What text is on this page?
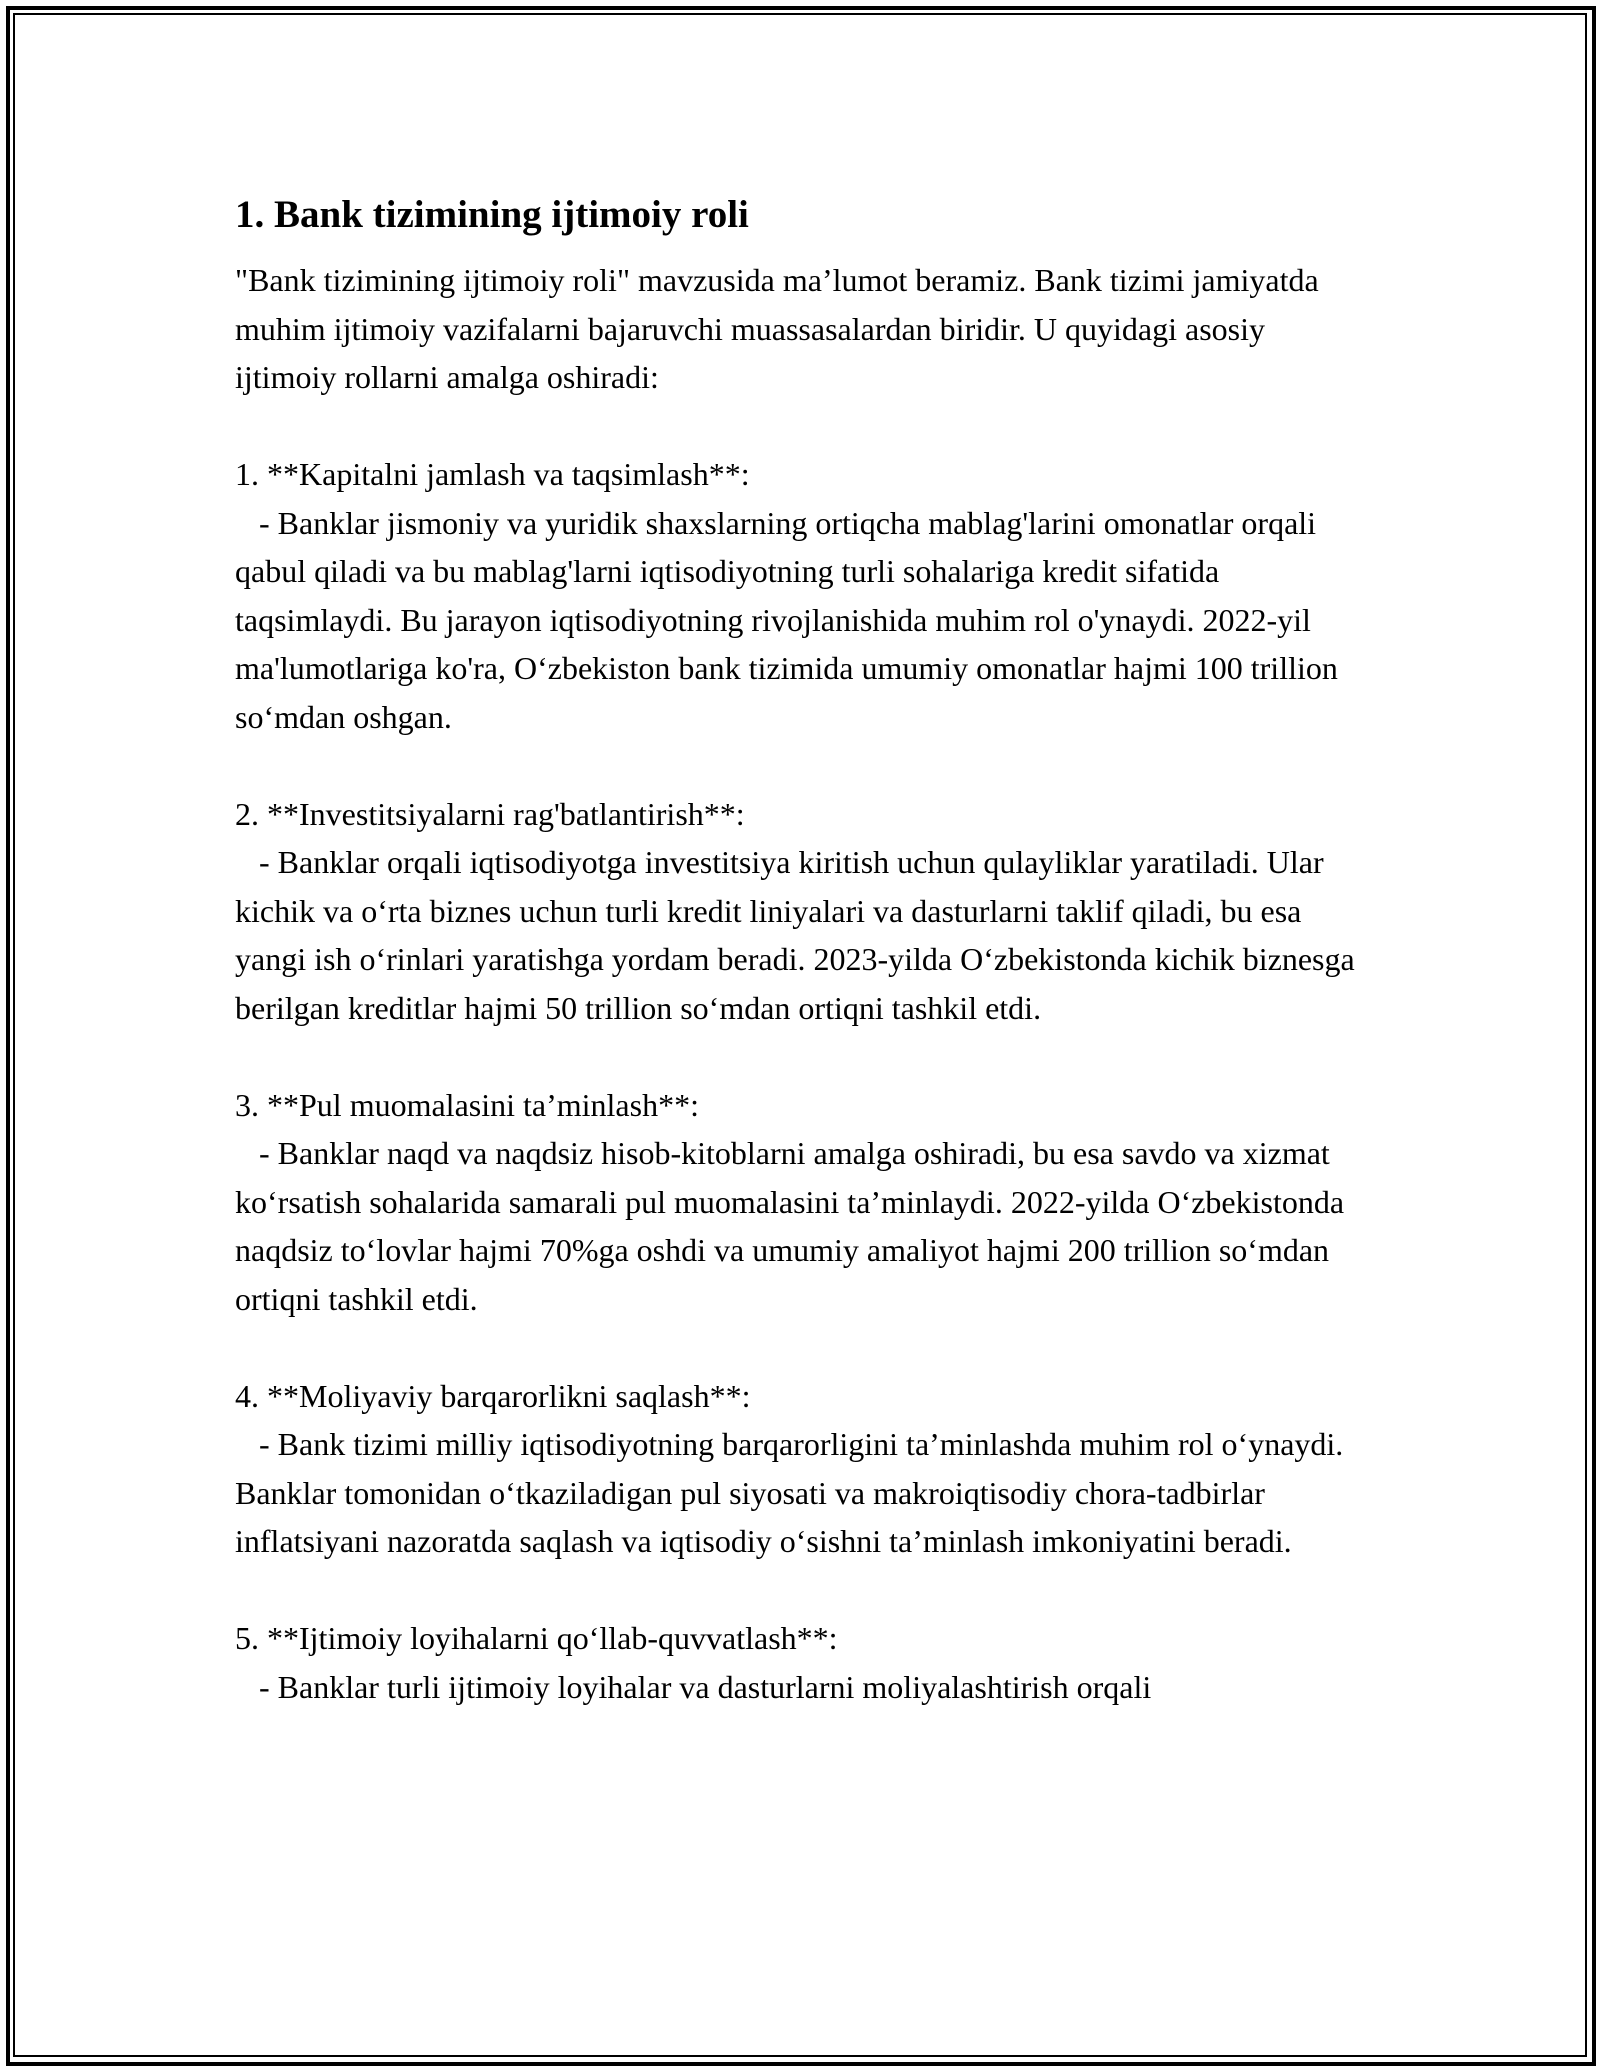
1. Bank tizimining ijtimoiy roli

"Bank tizimining ijtimoiy roli" mavzusida ma’lumot beramiz. Bank tizimi jamiyatda muhim ijtimoiy vazifalarni bajaruvchi muassasalardan biridir. U quyidagi asosiy ijtimoiy rollarni amalga oshiradi:

1. **Kapitalni jamlash va taqsimlash**:

- Banklar jismoniy va yuridik shaxslarning ortiqcha mablag'larini omonatlar orqali qabul qiladi va bu mablag'larni iqtisodiyotning turli sohalariga kredit sifatida taqsimlaydi. Bu jarayon iqtisodiyotning rivojlanishida muhim rol o'ynaydi. 2022-yil ma'lumotlariga ko'ra, O‘zbekiston bank tizimida umumiy omonatlar hajmi 100 trillion so‘mdan oshgan.

2. **Investitsiyalarni rag'batlantirish**:

- Banklar orqali iqtisodiyotga investitsiya kiritish uchun qulayliklar yaratiladi. Ular kichik va o‘rta biznes uchun turli kredit liniyalari va dasturlarni taklif qiladi, bu esa yangi ish o‘rinlari yaratishga yordam beradi. 2023-yilda O‘zbekistonda kichik biznesga berilgan kreditlar hajmi 50 trillion so‘mdan ortiqni tashkil etdi.

3. **Pul muomalasini ta’minlash**:

- Banklar naqd va naqdsiz hisob-kitoblarni amalga oshiradi, bu esa savdo va xizmat ko‘rsatish sohalarida samarali pul muomalasini ta’minlaydi. 2022-yilda O‘zbekistonda naqdsiz to‘lovlar hajmi 70%ga oshdi va umumiy amaliyot hajmi 200 trillion so‘mdan ortiqni tashkil etdi.

4. **Moliyaviy barqarorlikni saqlash**:

- Bank tizimi milliy iqtisodiyotning barqarorligini ta’minlashda muhim rol o‘ynaydi. Banklar tomonidan o‘tkaziladigan pul siyosati va makroiqtisodiy chora-tadbirlar inflatsiyani nazoratda saqlash va iqtisodiy o‘sishni ta’minlash imkoniyatini beradi.

5. **Ijtimoiy loyihalarni qo‘llab-quvvatlash**:

- Banklar turli ijtimoiy loyihalar va dasturlarni moliyalashtirish orqali
